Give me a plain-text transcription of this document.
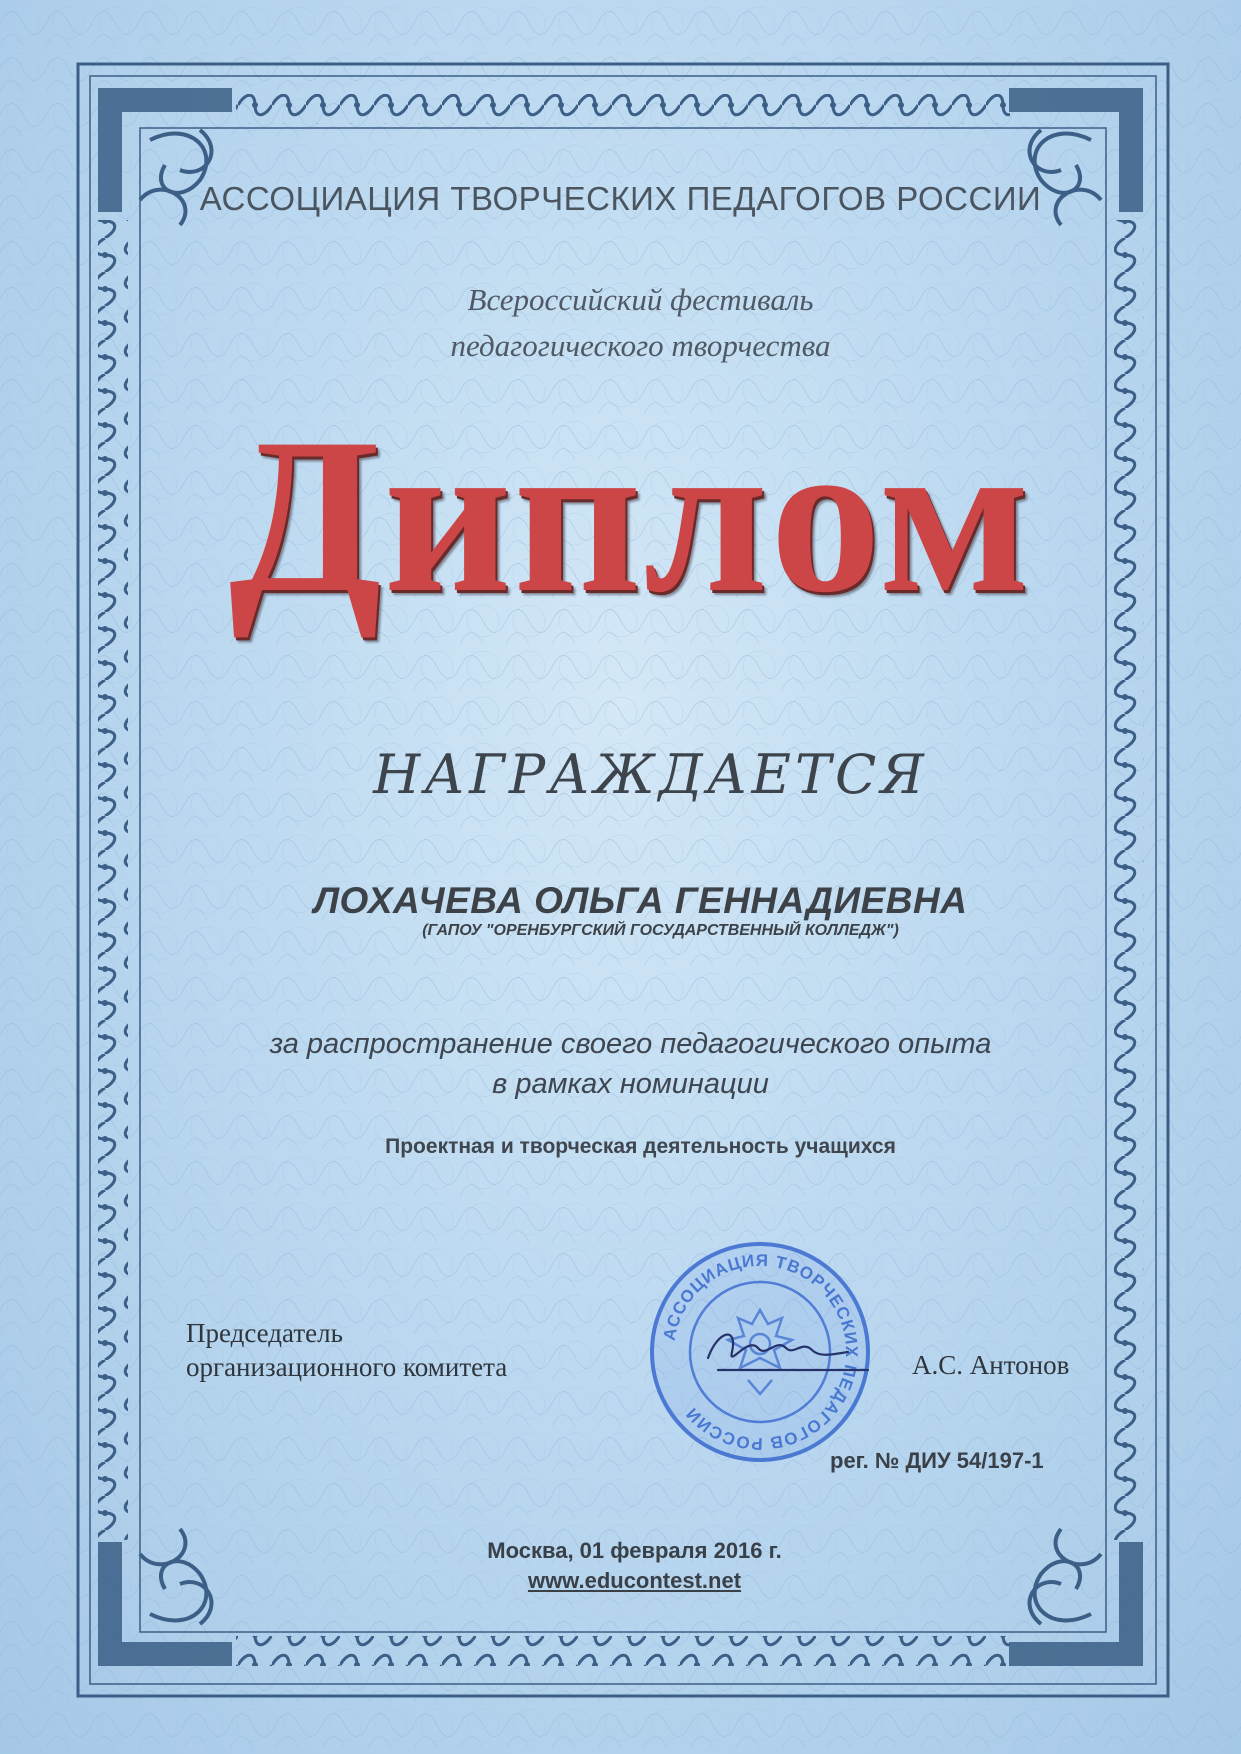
АССОЦИАЦИЯ ТВОРЧЕСКИХ ПЕДАГОГОВ РОССИИ

Всероссийский фестиваль

педагогического творчества

Диплом

НАГРАЖДАЕТСЯ

ЛОХАЧЕВА ОЛЬГА ГЕННАДИЕВНА

(ГАПОУ "ОРЕНБУРГСКИЙ ГОСУДАРСТВЕННЫЙ КОЛЛЕДЖ")

за распространение своего педагогического опыта

в рамках номинации

Проектная и творческая деятельность учащихся

Председатель

организационного комитета	А.С. Антонов

АССОЦИАЦИЯ ТВОРЧЕСКИХ ПЕДАГОГОВ РОССИИ

рег. № ДИУ 54/197-1

Москва, 01 февраля 2016 г.

www.educontest.net
